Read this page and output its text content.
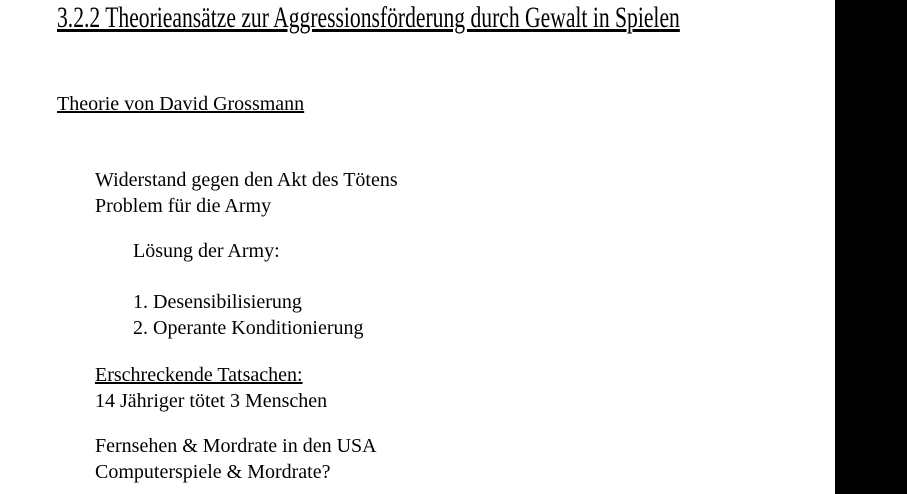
3.2.2 Theorieansätze zur Aggressionsförderung durch Gewalt in Spielen
Theorie von David Grossmann
Widerstand gegen den Akt des Tötens
Problem für die Army
Lösung der Army:
1. Desensibilisierung
2. Operante Konditionierung
Erschreckende Tatsachen:
14 Jähriger tötet 3 Menschen
Fernsehen & Mordrate in den USA
Computerspiele & Mordrate?
